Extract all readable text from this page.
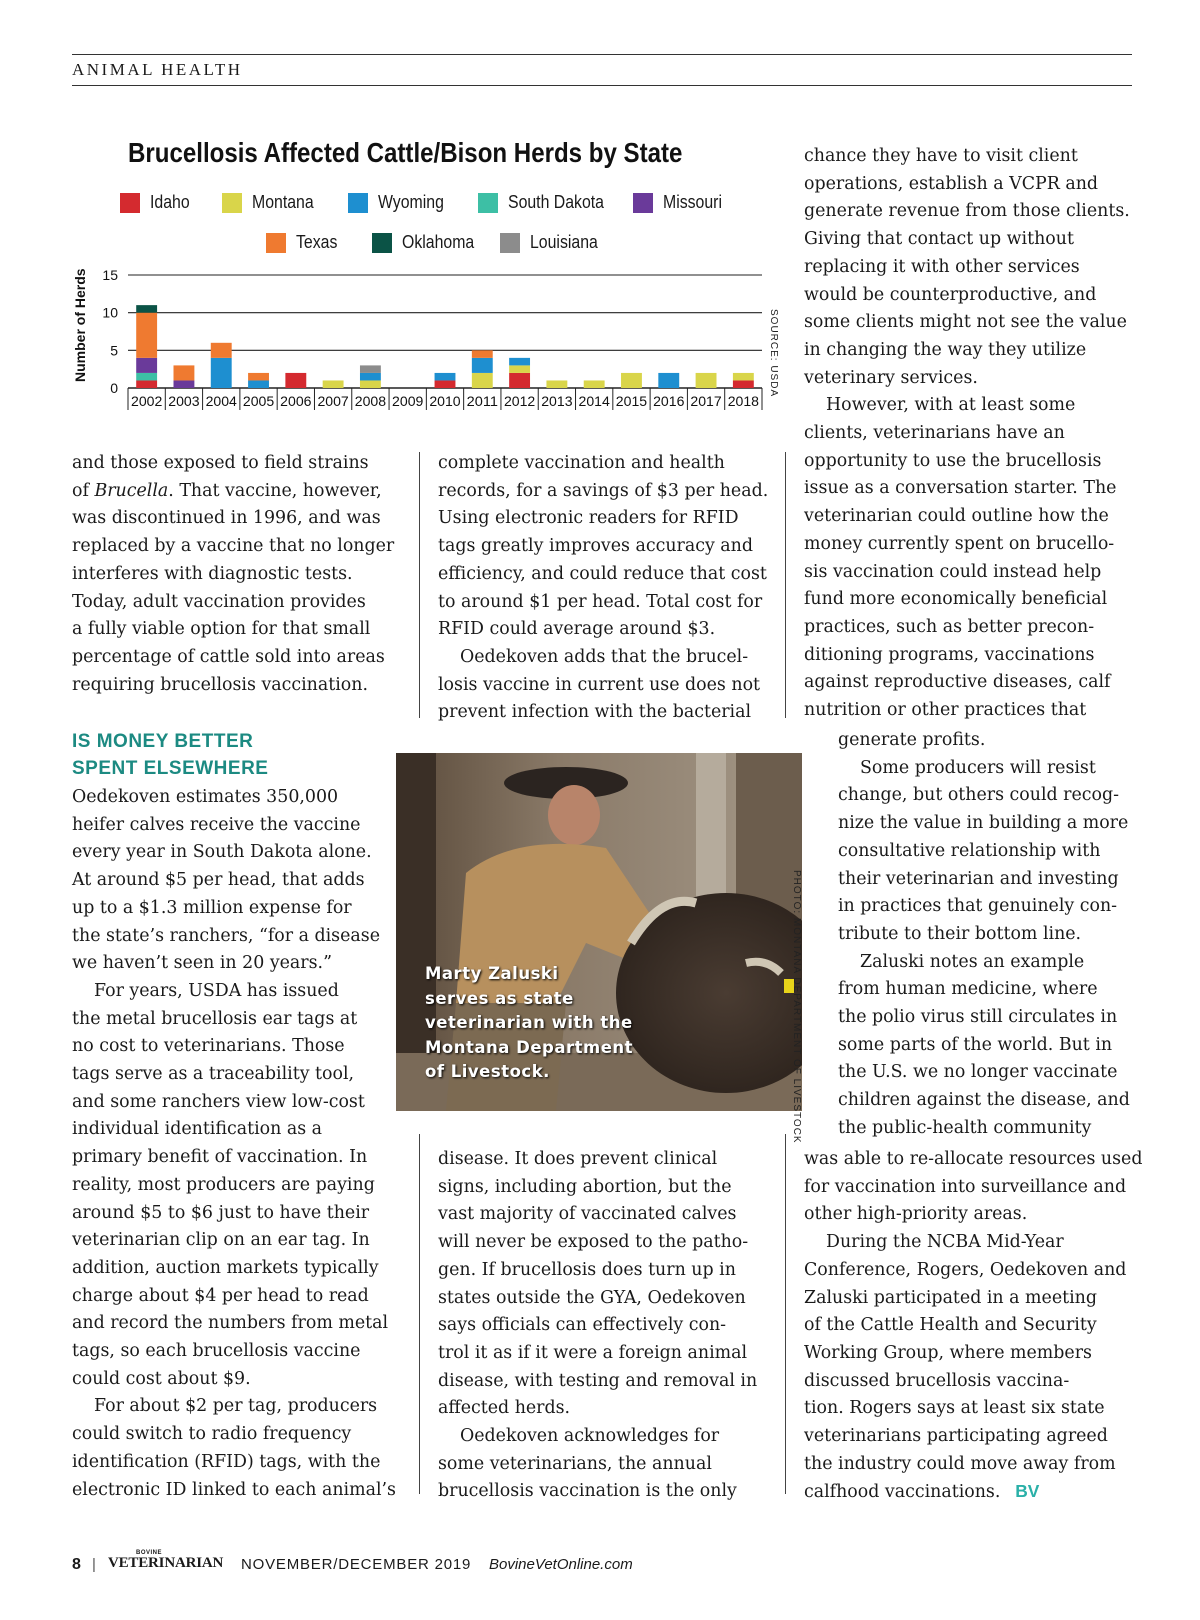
ANIMAL HEALTH
Brucellosis Affected Cattle/Bison Herds by State
Idaho	Montana	Wyoming	South Dakota	Missouri
Texas	Oklahoma	Louisiana
Number of Herds	SOURCE: USDA
0
5
10
15
2002 2003 2004 2005 2006 2007 2008 2009 2010 2011 2012 2013 2014 2015 2016 2017 2018
and those exposed to field strains
of Brucella. That vaccine, however,
was discontinued in 1996, and was
replaced by a vaccine that no longer
interferes with diagnostic tests.
Today, adult vaccination provides
a fully viable option for that small
percentage of cattle sold into areas
requiring brucellosis vaccination.
IS MONEY BETTER
SPENT ELSEWHERE
Oedekoven estimates 350,000
heifer calves receive the vaccine
every year in South Dakota alone.
At around $5 per head, that adds
up to a $1.3 million expense for
the state’s ranchers, “for a disease
we haven’t seen in 20 years.”
For years, USDA has issued
the metal brucellosis ear tags at
no cost to veterinarians. Those
tags serve as a traceability tool,
and some ranchers view low-cost
individual identification as a
primary benefit of vaccination. In
reality, most producers are paying
around $5 to $6 just to have their
veterinarian clip on an ear tag. In
addition, auction markets typically
charge about $4 per head to read
and record the numbers from metal
tags, so each brucellosis vaccine
could cost about $9.
For about $2 per tag, producers
could switch to radio frequency
identification (RFID) tags, with the
electronic ID linked to each animal’s
complete vaccination and health
records, for a savings of $3 per head.
Using electronic readers for RFID
tags greatly improves accuracy and
efficiency, and could reduce that cost
to around $1 per head. Total cost for
RFID could average around $3.
Oedekoven adds that the brucel-
losis vaccine in current use does not
prevent infection with the bacterial
disease. It does prevent clinical
signs, including abortion, but the
vast majority of vaccinated calves
will never be exposed to the patho-
gen. If brucellosis does turn up in
states outside the GYA, Oedekoven
says officials can effectively con-
trol it as if it were a foreign animal
disease, with testing and removal in
affected herds.
Oedekoven acknowledges for
some veterinarians, the annual
brucellosis vaccination is the only
chance they have to visit client
operations, establish a VCPR and
generate revenue from those clients.
Giving that contact up without
replacing it with other services
would be counterproductive, and
some clients might not see the value
in changing the way they utilize
veterinary services.
However, with at least some
clients, veterinarians have an
opportunity to use the brucellosis
issue as a conversation starter. The
veterinarian could outline how the
money currently spent on brucello-
sis vaccination could instead help
fund more economically beneficial
practices, such as better precon-
ditioning programs, vaccinations
against reproductive diseases, calf
nutrition or other practices that
generate profits.
Some producers will resist
change, but others could recog-
nize the value in building a more
consultative relationship with
their veterinarian and investing
in practices that genuinely con-
tribute to their bottom line.
Zaluski notes an example
from human medicine, where
the polio virus still circulates in
some parts of the world. But in
the U.S. we no longer vaccinate
children against the disease, and
the public-health community
was able to re-allocate resources used
for vaccination into surveillance and
other high-priority areas.
During the NCBA Mid-Year
Conference, Rogers, Oedekoven and
Zaluski participated in a meeting
of the Cattle Health and Security
Working Group, where members
discussed brucellosis vaccina-
tion. Rogers says at least six state
veterinarians participating agreed
the industry could move away from
calfhood vaccinations. BV
Marty Zaluski
serves as state
veterinarian with the
Montana Department
of Livestock.	PHOTO: MONTANA DEPARTMENT OF LIVESTOCK
8 |
BOVINE
VETERINARIAN NOVEMBER/DECEMBER 2019 BovineVetOnline.com
